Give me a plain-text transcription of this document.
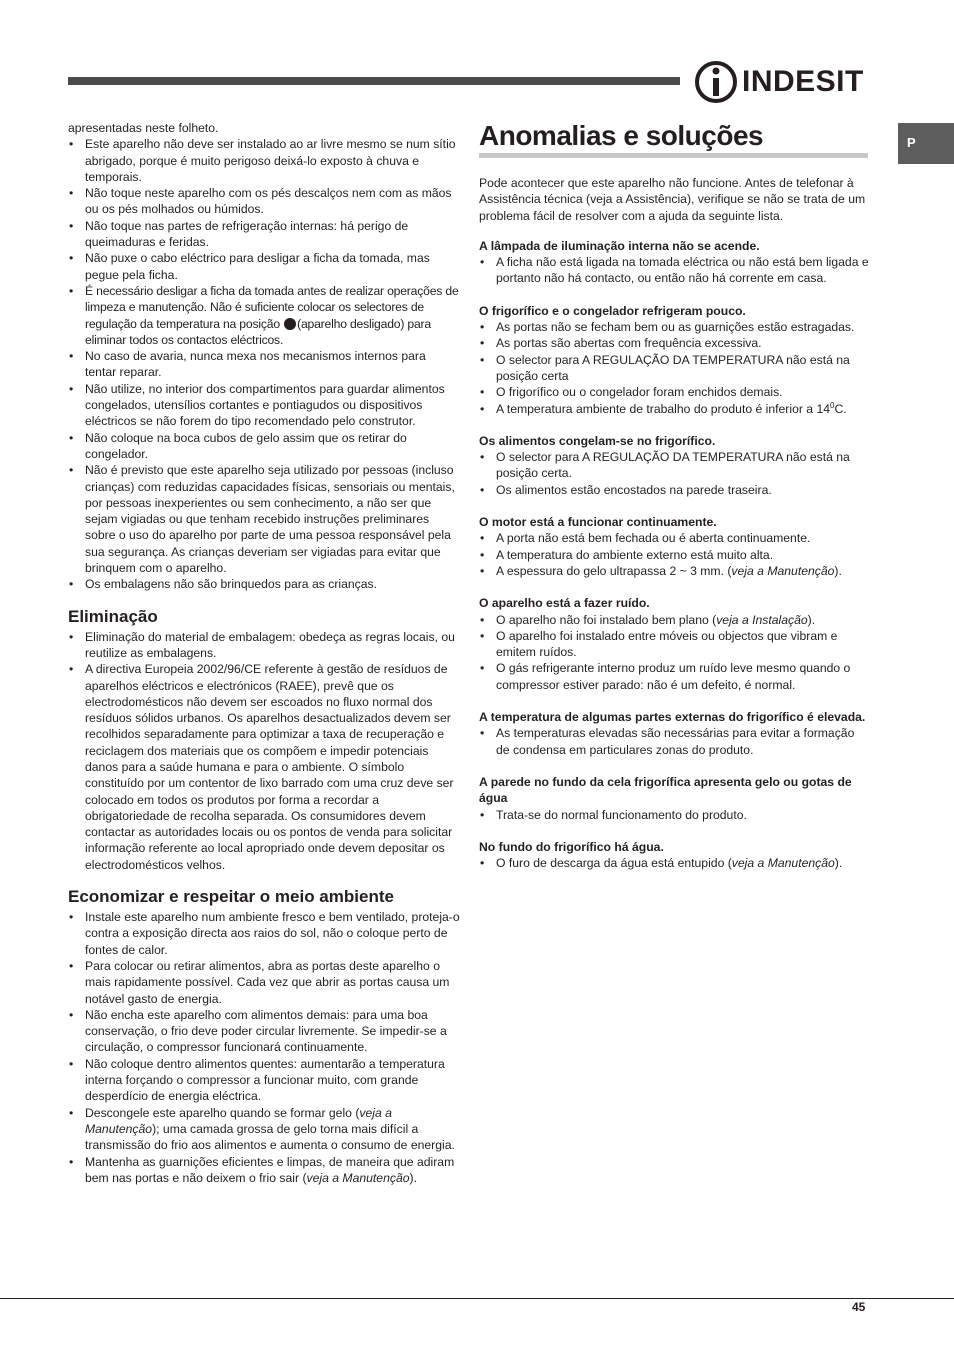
INDESIT
P

apresentadas neste folheto.

• Este aparelho não deve ser instalado ao ar livre mesmo se num sítio abrigado, porque é muito perigoso deixá-lo exposto à chuva e temporais.
• Não toque neste aparelho com os pés descalços nem com as mãos ou os pés molhados ou húmidos.
• Não toque nas partes de refrigeração internas: há perigo de queimaduras e feridas.
• Não puxe o cabo eléctrico para desligar a ficha da tomada, mas pegue pela ficha.
• É necessário desligar a ficha da tomada antes de realizar operações de limpeza e manutenção. Não é suficiente colocar os selectores de regulação da temperatura na posição (aparelho desligado) para eliminar todos os contactos eléctricos.
• No caso de avaria, nunca mexa nos mecanismos internos para tentar reparar.
• Não utilize, no interior dos compartimentos para guardar alimentos congelados, utensílios cortantes e pontiagudos ou dispositivos eléctricos se não forem do tipo recomendado pelo construtor.
• Não coloque na boca cubos de gelo assim que os retirar do congelador.
• Não é previsto que este aparelho seja utilizado por pessoas (incluso crianças) com reduzidas capacidades físicas, sensoriais ou mentais, por pessoas inexperientes ou sem conhecimento, a não ser que sejam vigiadas ou que tenham recebido instruções preliminares sobre o uso do aparelho por parte de uma pessoa responsável pela sua segurança. As crianças deveriam ser vigiadas para evitar que brinquem com o aparelho.
• Os embalagens não são brinquedos para as crianças.
Eliminação
• Eliminação do material de embalagem: obedeça as regras locais, ou reutilize as embalagens.
• A directiva Europeia 2002/96/CE referente à gestão de resíduos de aparelhos eléctricos e electrónicos (RAEE), prevê que os electrodomésticos não devem ser escoados no fluxo normal dos resíduos sólidos urbanos. Os aparelhos desactualizados devem ser recolhidos separadamente para optimizar a taxa de recuperação e reciclagem dos materiais que os compõem e impedir potenciais danos para a saúde humana e para o ambiente. O símbolo constituído por um contentor de lixo barrado com uma cruz deve ser colocado em todos os produtos por forma a recordar a obrigatoriedade de recolha separada. Os consumidores devem contactar as autoridades locais ou os pontos de venda para solicitar informação referente ao local apropriado onde devem depositar os electrodomésticos velhos.
Economizar e respeitar o meio ambiente
• Instale este aparelho num ambiente fresco e bem ventilado, proteja-o contra a exposição directa aos raios do sol, não o coloque perto de fontes de calor.
• Para colocar ou retirar alimentos, abra as portas deste aparelho o mais rapidamente possível. Cada vez que abrir as portas causa um notável gasto de energia.
• Não encha este aparelho com alimentos demais: para uma boa conservação, o frio deve poder circular livremente. Se impedir-se a circulação, o compressor funcionará continuamente.
• Não coloque dentro alimentos quentes: aumentarão a temperatura interna forçando o compressor a funcionar muito, com grande desperdício de energia eléctrica.
• Descongele este aparelho quando se formar gelo (veja a Manutenção); uma camada grossa de gelo torna mais difícil a transmissão do frio aos alimentos e aumenta o consumo de energia.
• Mantenha as guarnições eficientes e limpas, de maneira que adiram bem nas portas e não deixem o frio sair (veja a Manutenção).
Anomalias e soluções

Pode acontecer que este aparelho não funcione. Antes de telefonar à Assistência técnica (veja a Assistência), verifique se não se trata de um problema fácil de resolver com a ajuda da seguinte lista.

A lâmpada de iluminação interna não se acende.

• A ficha não está ligada na tomada eléctrica ou não está bem ligada e portanto não há contacto, ou então não há corrente em casa.

O frigorífico e o congelador refrigeram pouco.

• As portas não se fecham bem ou as guarnições estão estragadas.
• As portas são abertas com frequência excessiva.
• O selector para A REGULAÇÃO DA TEMPERATURA não está na posição certa
• O frigorífico ou o congelador foram enchidos demais.
• A temperatura ambiente de trabalho do produto é inferior a $14^0C$.

Os alimentos congelam-se no frigorífico.

• O selector para A REGULAÇÃO DA TEMPERATURA não está na posição certa.
• Os alimentos estão encostados na parede traseira.

O motor está a funcionar continuamente.

• A porta não está bem fechada ou é aberta continuamente.
• A temperatura do ambiente externo está muito alta.
• A espessura do gelo ultrapassa 2 ~ 3 mm. (veja a Manutenção).

O aparelho está a fazer ruído.

• O aparelho não foi instalado bem plano (veja a Instalação).
• O aparelho foi instalado entre móveis ou objectos que vibram e emitem ruídos.
• O gás refrigerante interno produz um ruído leve mesmo quando o compressor estiver parado: não é um defeito, é normal.

A temperatura de algumas partes externas do frigorífico é elevada.

• As temperaturas elevadas são necessárias para evitar a formação de condensa em particulares zonas do produto.

A parede no fundo da cela frigorífica apresenta gelo ou gotas de água

• Trata-se do normal funcionamento do produto.

No fundo do frigorífico há água.

• O furo de descarga da água está entupido (veja a Manutenção).
45
